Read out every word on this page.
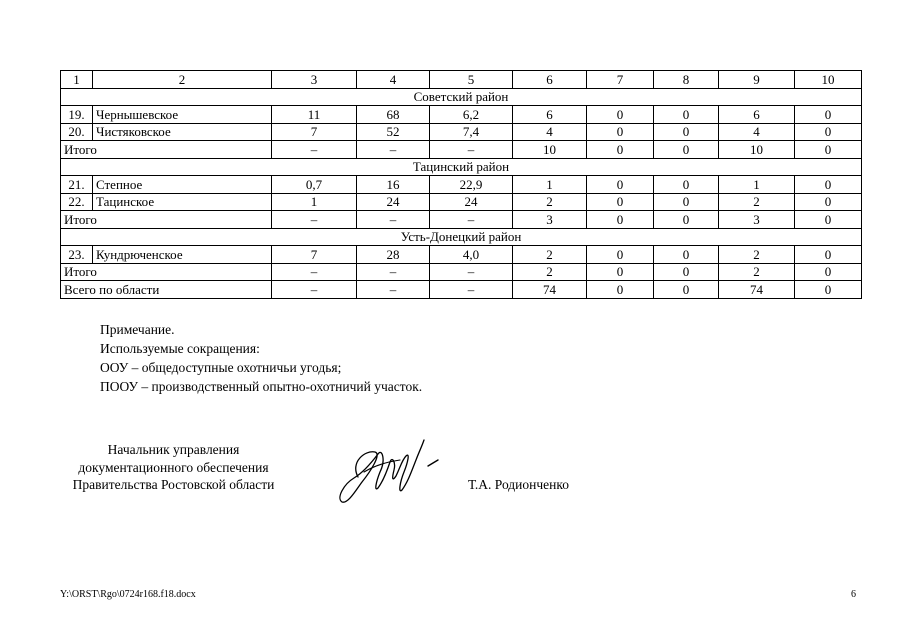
1	2	3	4	5	6	7	8	9	10
Советский район									
19.	Чернышевское	11	68	6,2	6	0	0	6	0
20.	Чистяковское	7	52	7,4	4	0	0	4	0
Итого		–	–	–	10	0	0	10	0
Тацинский район									
21.	Степное	0,7	16	22,9	1	0	0	1	0
22.	Тацинское	1	24	24	2	0	0	2	0
Итого		–	–	–	3	0	0	3	0
Усть-Донецкий район									
23.	Кундрюченское	7	28	4,0	2	0	0	2	0
Итого		–	–	–	2	0	0	2	0
Всего по области		–	–	–	74	0	0	74	0
Примечание.
Используемые сокращения:
ООУ – общедоступные охотничьи угодья;
ПООУ – производственный опытно-охотничий участок.
Начальник управления
документационного обеспечения
Правительства Ростовской области	Т.А. Родионченко
Y:\ORST\Rgo\0724r168.f18.docx	6
